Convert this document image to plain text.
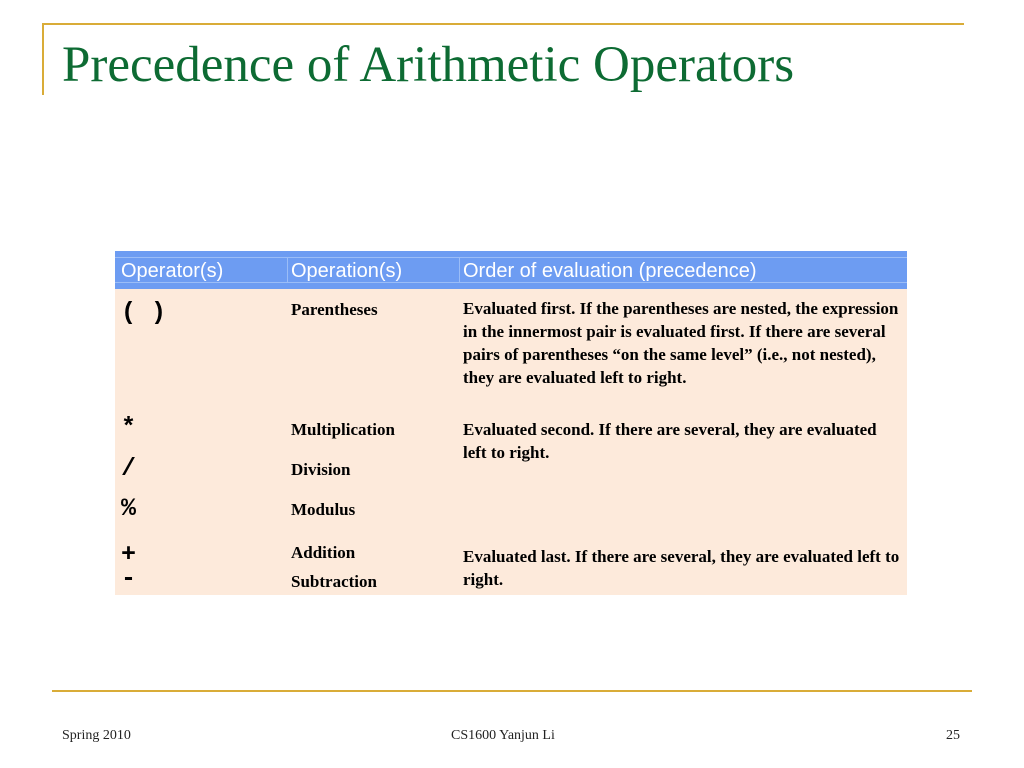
Precedence of Arithmetic Operators
Operator(s)	Operation(s)	Order of evaluation (precedence)
( )	Parentheses	Evaluated first. If the parentheses are nested, the expression in the innermost pair is evaluated first. If there are several pairs of parentheses “on the same level” (i.e., not nested), they are evaluated left to right.
*	Multiplication	Evaluated second. If there are several, they are evaluated left to right.
/	Division
%	Modulus
+	Addition	Evaluated last. If there are several, they are evaluated left to right.
-	Subtraction
Spring 2010	CS1600 Yanjun Li	25
